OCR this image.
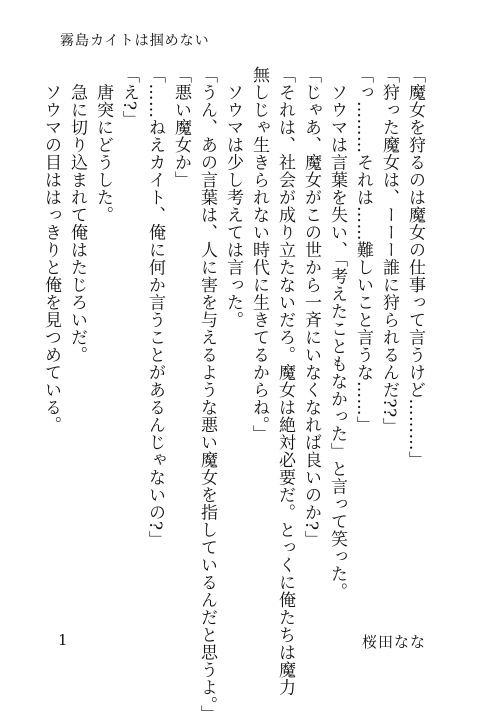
霧島カイトは掴めない
「魔女を狩るのは魔女の仕事って言うけど………」
「狩った魔女は、ーーー誰に狩られるんだ??」
「っ………それは……難しいこと言うな……」
　ソウマは言葉を失い、「考えたこともなかった」と言って笑った。
「じゃあ、魔女がこの世から一斉にいなくなれば良いのか?」
「それは、社会が成り立たないだろ。魔女は絶対必要だ。とっくに俺たちは魔力
無しじゃ生きられない時代に生きてるからね。」
　ソウマは少し考えては言った。
「うん、あの言葉は、人に害を与えるような悪い魔女を指しているんだと思うよ。」
「悪い魔女か」
「……ねえカイト、俺に何か言うことがあるんじゃないの?」
「え?」
　唐突にどうした。
　急に切り込まれて俺はたじろいだ。
　ソウマの目ははっきりと俺を見つめている。
1	桜田なな
